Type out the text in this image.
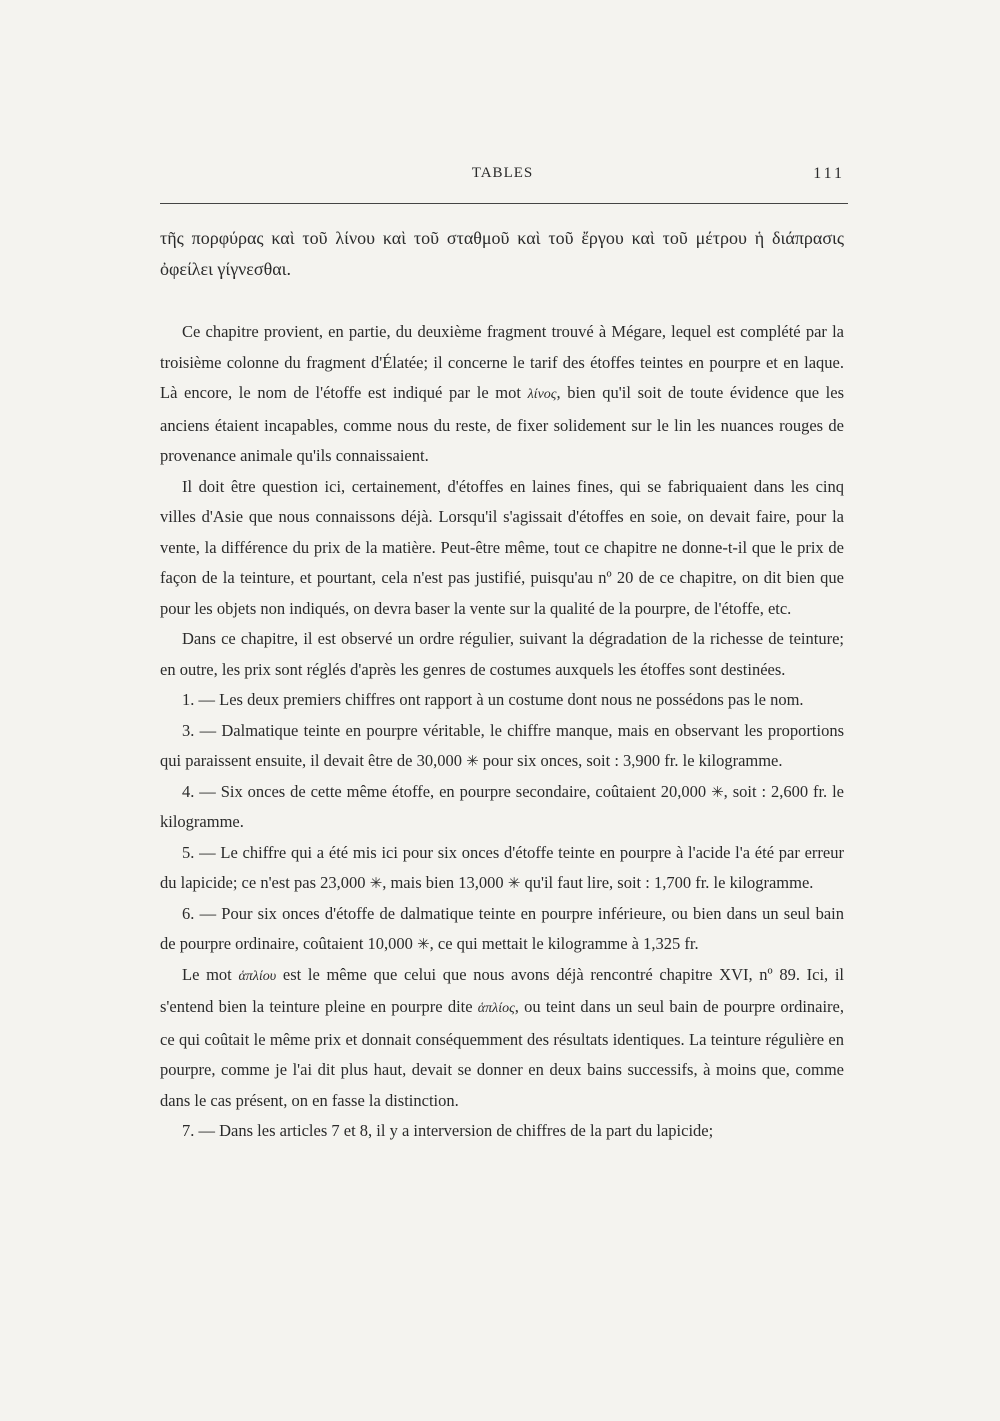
TABLES	111
τῆς πορφύρας καὶ τοῦ λίνου καὶ τοῦ σταθμοῦ καὶ τοῦ ἔργου καὶ τοῦ μέτρου ἡ διάπρασις ὀφείλει γίγνεσθαι.

Ce chapitre provient, en partie, du deuxième fragment trouvé à Mégare, lequel est complété par la troisième colonne du fragment d'Élatée; il concerne le tarif des étoffes teintes en pourpre et en laque. Là encore, le nom de l'étoffe est indiqué par le mot λίνος, bien qu'il soit de toute évidence que les anciens étaient incapables, comme nous du reste, de fixer solidement sur le lin les nuances rouges de provenance animale qu'ils connaissaient.

Il doit être question ici, certainement, d'étoffes en laines fines, qui se fabriquaient dans les cinq villes d'Asie que nous connaissons déjà. Lorsqu'il s'agissait d'étoffes en soie, on devait faire, pour la vente, la différence du prix de la matière. Peut-être même, tout ce chapitre ne donne-t-il que le prix de façon de la teinture, et pourtant, cela n'est pas justifié, puisqu'au nº 20 de ce chapitre, on dit bien que pour les objets non indiqués, on devra baser la vente sur la qualité de la pourpre, de l'étoffe, etc.

Dans ce chapitre, il est observé un ordre régulier, suivant la dégradation de la richesse de teinture; en outre, les prix sont réglés d'après les genres de costumes auxquels les étoffes sont destinées.

1. — Les deux premiers chiffres ont rapport à un costume dont nous ne possédons pas le nom.

3. — Dalmatique teinte en pourpre véritable, le chiffre manque, mais en observant les proportions qui paraissent ensuite, il devait être de 30,000 ✳ pour six onces, soit : 3,900 fr. le kilogramme.

4. — Six onces de cette même étoffe, en pourpre secondaire, coûtaient 20,000 ✳, soit : 2,600 fr. le kilogramme.

5. — Le chiffre qui a été mis ici pour six onces d'étoffe teinte en pourpre à l'acide l'a été par erreur du lapicide; ce n'est pas 23,000 ✳, mais bien 13,000 ✳ qu'il faut lire, soit : 1,700 fr. le kilogramme.

6. — Pour six onces d'étoffe de dalmatique teinte en pourpre inférieure, ou bien dans un seul bain de pourpre ordinaire, coûtaient 10,000 ✳, ce qui mettait le kilogramme à 1,325 fr.

Le mot ἁπλίου est le même que celui que nous avons déjà rencontré chapitre XVI, nº 89. Ici, il s'entend bien la teinture pleine en pourpre dite ἁπλίος, ou teint dans un seul bain de pourpre ordinaire, ce qui coûtait le même prix et donnait conséquemment des résultats identiques. La teinture régulière en pourpre, comme je l'ai dit plus haut, devait se donner en deux bains successifs, à moins que, comme dans le cas présent, on en fasse la distinction.

7. — Dans les articles 7 et 8, il y a interversion de chiffres de la part du lapicide;
